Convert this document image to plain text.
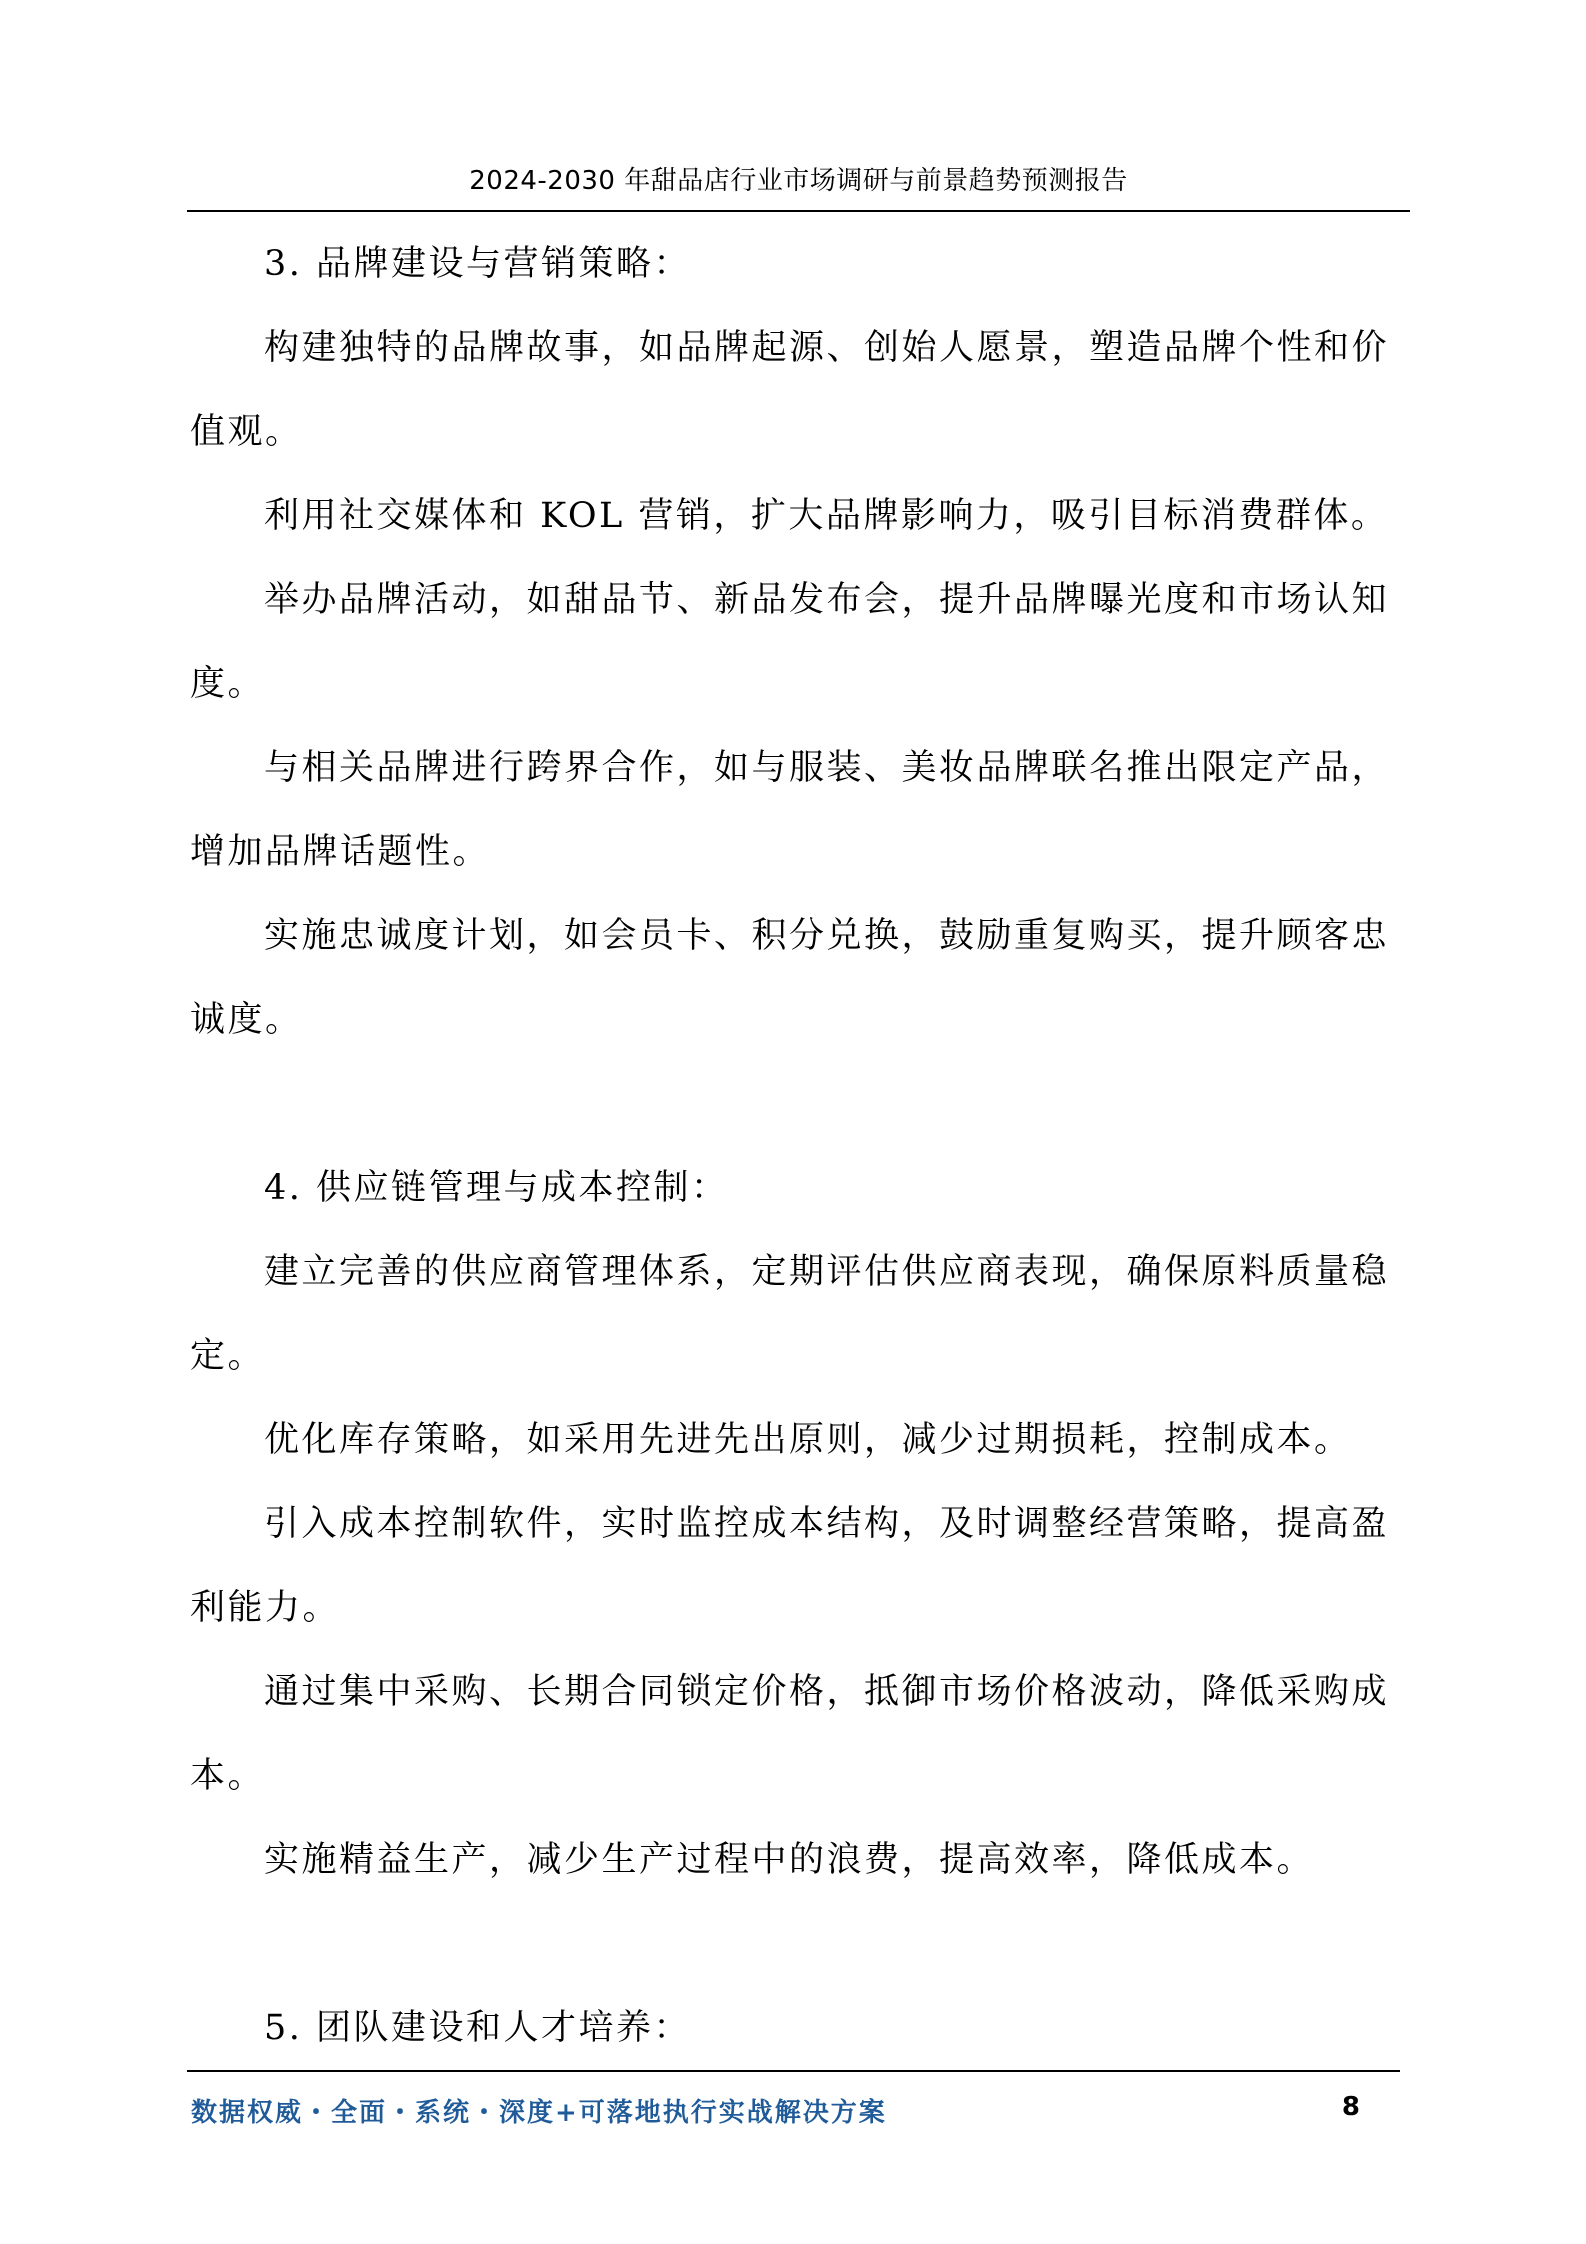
2024-2030 年甜品店行业市场调研与前景趋势预测报告
3. 品牌建设与营销策略：
构建独特的品牌故事，如品牌起源、创始人愿景，塑造品牌个性和价
值观。
利用社交媒体和 KOL 营销，扩大品牌影响力，吸引目标消费群体。
举办品牌活动，如甜品节、新品发布会，提升品牌曝光度和市场认知
度。
与相关品牌进行跨界合作，如与服装、美妆品牌联名推出限定产品，
增加品牌话题性。
实施忠诚度计划，如会员卡、积分兑换，鼓励重复购买，提升顾客忠
诚度。
4. 供应链管理与成本控制：
建立完善的供应商管理体系，定期评估供应商表现，确保原料质量稳
定。
优化库存策略，如采用先进先出原则，减少过期损耗，控制成本。
引入成本控制软件，实时监控成本结构，及时调整经营策略，提高盈
利能力。
通过集中采购、长期合同锁定价格，抵御市场价格波动，降低采购成
本。
实施精益生产，减少生产过程中的浪费，提高效率，降低成本。
5. 团队建设和人才培养：
数据权威・全面・系统・深度+可落地执行实战解决方案	8
